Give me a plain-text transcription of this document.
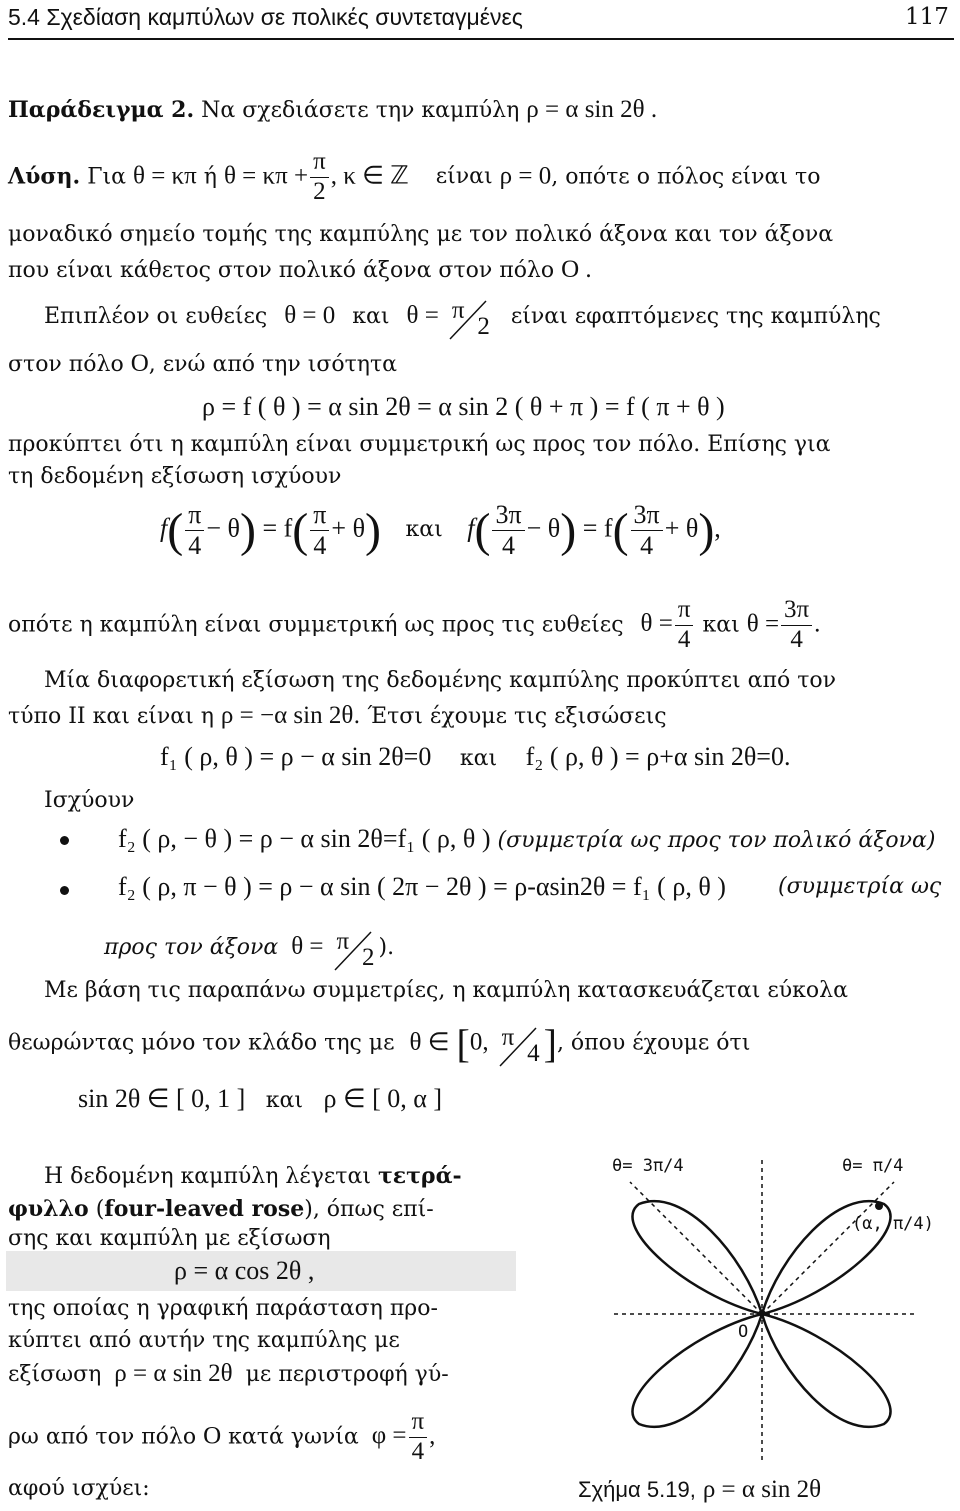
5.4 Σχεδίαση καμπύλων σε πολικές συντεταγμένες	117
Παράδειγμα 2. Να σχεδιάσετε την καμπύλη ρ = α sin 2θ .
Λύση. Για θ = κπ ή $\theta = \kappa\pi + \frac{\pi}{2}$ , κ ∈ ℤ είναι ρ = 0, οπότε ο πόλος είναι το
μοναδικό σημείο τομής της καμπύλης με τον πολικό άξονα και τον άξονα
που είναι κάθετος στον πολικό άξονα στον πόλο Ο .
Επιπλέον οι ευθείες θ = 0 και θ = π
2 είναι εφαπτόμενες της καμπύλης
στον πόλο Ο, ενώ από την ισότητα
ρ = f ( θ ) = α sin 2θ = α sin 2 ( θ + π ) = f ( π + θ )
προκύπτει ότι η καμπύλη είναι συμμετρική ως προς τον πόλο. Επίσης για
τη δεδομένη εξίσωση ισχύουν
$f( \frac{\pi}{4} - \theta) = f( \frac{\pi}{4} + \theta)$ και $f( \frac{3\pi}{4} - \theta) = f( \frac{3\pi}{4} + \theta)$,
οπότε η καμπύλη είναι συμμετρική ως προς τις ευθείες $\theta = \frac{\pi}{4}$ και $\theta = \frac{3\pi}{4}$ .
Μία διαφορετική εξίσωση της δεδομένης καμπύλης προκύπτει από τον
τύπο ΙΙ και είναι η ρ = −α sin 2θ. Έτσι έχουμε τις εξισώσεις
f₁ ( ρ, θ ) = ρ − α sin 2θ=0 και f₂ ( ρ, θ ) = ρ+α sin 2θ=0.
Ισχύουν
f₂ ( ρ, − θ ) = ρ − α sin 2θ=f₁ ( ρ, θ ) (συμμετρία ως προς τον πολικό άξονα)
f₂ ( ρ, π − θ ) = ρ − α sin ( 2π − 2θ ) = ρ-αsin2θ = f₁ ( ρ, θ ) (συμμετρία ως
προς τον άξονα θ = π
2 ).
Με βάση τις παραπάνω συμμετρίες, η καμπύλη κατασκευάζεται εύκολα
θεωρώντας μόνο τον κλάδο της με θ ∈ [0, π
4 ], όπου έχουμε ότι
sin 2θ ∈ [ 0, 1 ] και ρ ∈ [ 0, α ]
Η δεδομένη καμπύλη λέγεται τετρά-
φυλλο (four-leaved rose), όπως επί-
σης και καμπύλη με εξίσωση
ρ = α cos 2θ ,
της οποίας η γραφική παράσταση προ-
κύπτει από αυτήν της καμπύλης με
εξίσωση ρ = α sin 2θ με περιστροφή γύ-
ρω από τον πόλο Ο κατά γωνία $\varphi = \frac{\pi}{4}$ ,
αφού ισχύει:
θ= 3π/4	θ= π/4
(α, π/4)
O
Σχήμα 5.19, ρ = α sin 2θ
